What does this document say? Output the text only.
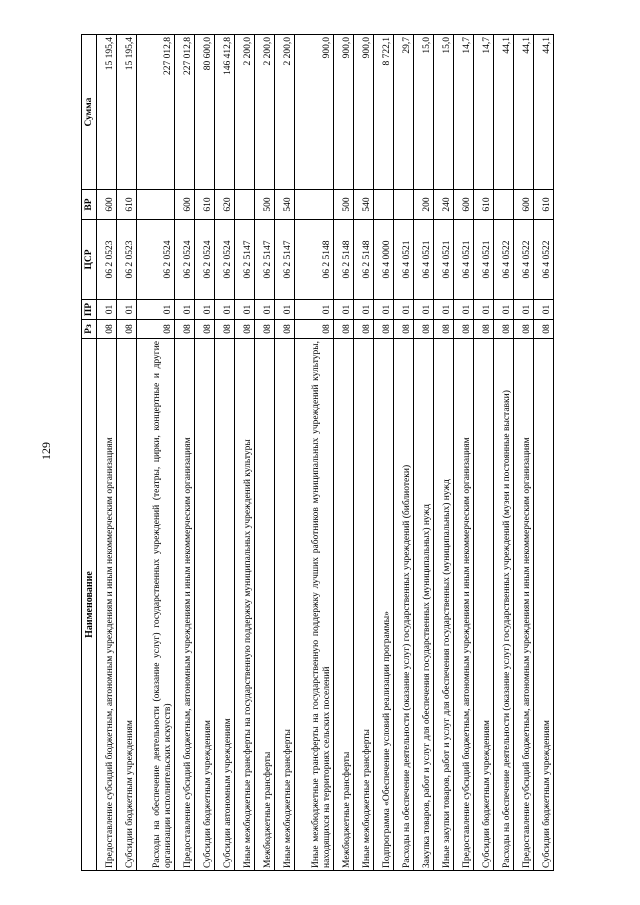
129
Наименование	Рз	ПР	ЦСР	ВР	Сумма
Предоставление субсидий бюджетным, автономным учреждениям и иным некоммерческим организациям	08	01	06 2 0523	600	15 195,4
Субсидии бюджетным учреждениям	08	01	06 2 0523	610	15 195,4
Расходы на обеспечение деятельности (оказание услуг) государственных учреждений (театры, цирки, концертные и другие организации исполнительских искусств)	08	01	06 2 0524		227 012,8
Предоставление субсидий бюджетным, автономным учреждениям и иным некоммерческим организациям	08	01	06 2 0524	600	227 012,8
Субсидии бюджетным учреждениям	08	01	06 2 0524	610	80 600,0
Субсидии автономным учреждениям	08	01	06 2 0524	620	146 412,8
Иные межбюджетные трансферты на государственную поддержку муниципальных учреждений культуры	08	01	06 2 5147		2 200,0
Межбюджетные трансферты	08	01	06 2 5147	500	2 200,0
Иные межбюджетные трансферты	08	01	06 2 5147	540	2 200,0
Иные межбюджетные трансферты на государственную поддержку лучших работников муниципальных учреждений культуры, находящихся на территориях сельских поселений	08	01	06 2 5148		900,0
Межбюджетные трансферты	08	01	06 2 5148	500	900,0
Иные межбюджетные трансферты	08	01	06 2 5148	540	900,0
Подпрограмма «Обеспечение условий реализации программы»	08	01	06 4 0000		8 722,1
Расходы на обеспечение деятельности (оказание услуг) государственных учреждений (библиотеки)	08	01	06 4 0521		29,7
Закупка товаров, работ и услуг для обеспечения государственных (муниципальных) нужд	08	01	06 4 0521	200	15,0
Иные закупки товаров, работ и услуг для обеспечения государственных (муниципальных) нужд	08	01	06 4 0521	240	15,0
Предоставление субсидий бюджетным, автономным учреждениям и иным некоммерческим организациям	08	01	06 4 0521	600	14,7
Субсидии бюджетным учреждениям	08	01	06 4 0521	610	14,7
Расходы на обеспечение деятельности (оказание услуг) государственных учреждений (музеи и постоянные выставки)	08	01	06 4 0522		44,1
Предоставление субсидий бюджетным, автономным учреждениям и иным некоммерческим организациям	08	01	06 4 0522	600	44,1
Субсидии бюджетным учреждениям	08	01	06 4 0522	610	44,1
